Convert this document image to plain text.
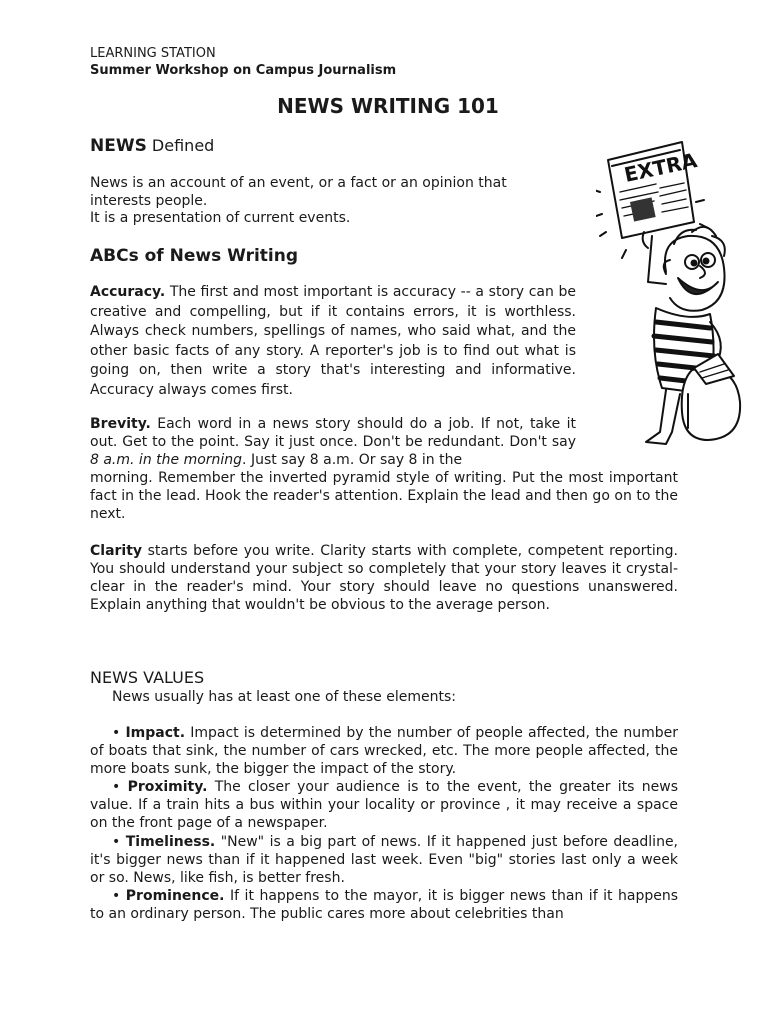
LEARNING STATION
Summer Workshop on Campus Journalism
NEWS WRITING 101
NEWS Defined

News is an account of an event, or a fact or an opinion that interests people.

It is a presentation of current events.

ABCs of News Writing

Accuracy. The first and most important is accuracy -- a story can be creative and compelling, but if it contains errors, it is worthless. Always check numbers, spellings of names, who said what, and the other basic facts of any story. A reporter's job is to find out what is going on, then write a story that's interesting and informative. Accuracy always comes first.

Brevity. Each word in a news story should do a job. If not, take it out. Get to the point. Say it just once. Don't be redundant. Don't say 8 a.m. in the morning. Just say 8 a.m. Or say 8 in the

morning. Remember the inverted pyramid style of writing. Put the most important fact in the lead. Hook the reader's attention. Explain the lead and then go on to the next.

Clarity starts before you write. Clarity starts with complete, competent reporting. You should understand your subject so completely that your story leaves it crystal-clear in the reader's mind. Your story should leave no questions unanswered. Explain anything that wouldn't be obvious to the average person.

NEWS VALUES

News usually has at least one of these elements:

• Impact. Impact is determined by the number of people affected, the number of boats that sink, the number of cars wrecked, etc. The more people affected, the more boats sunk, the bigger the impact of the story.

• Proximity. The closer your audience is to the event, the greater its news value. If a train hits a bus within your locality or province , it may receive a space on the front page of a newspaper.

• Timeliness. "New" is a big part of news. If it happened just before deadline, it's bigger news than if it happened last week. Even "big" stories last only a week or so. News, like fish, is better fresh.

• Prominence. If it happens to the mayor, it is bigger news than if it happens to an ordinary person. The public cares more about celebrities than

EXTRA
